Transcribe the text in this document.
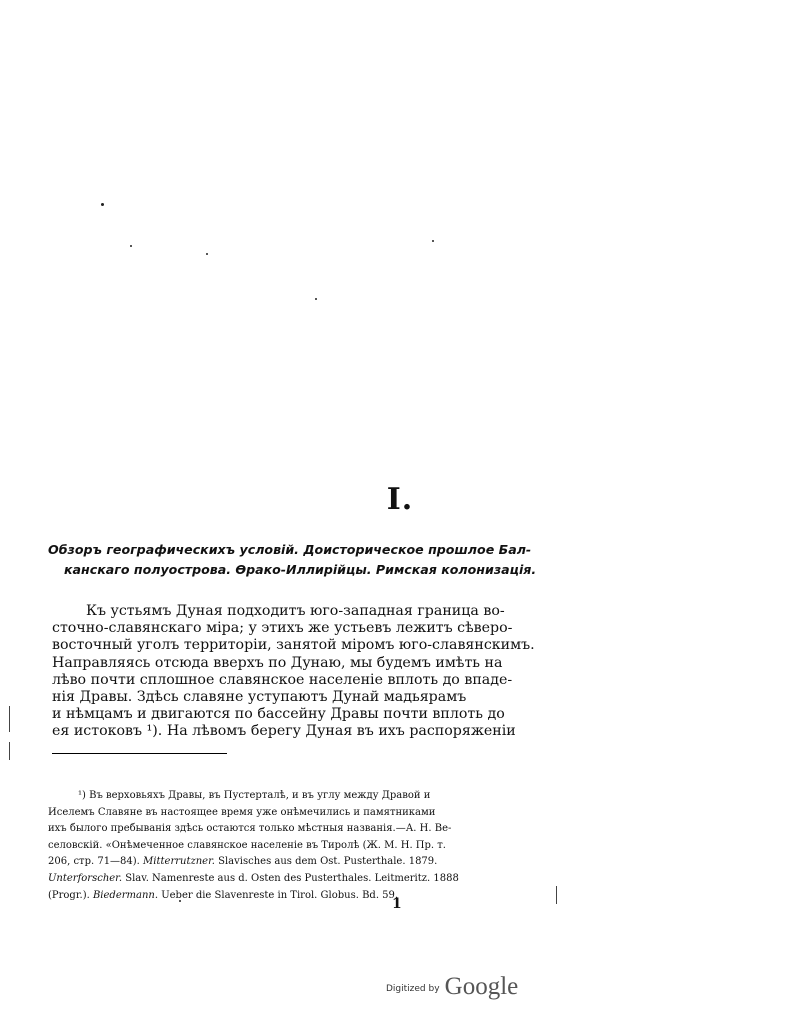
I.
Обзоръ географическихъ условій. Доисторическое прошлое Бал-
канскаго полуострова. Өрако-Иллирійцы. Римская колонизація.
Къ устьямъ Дуная подходитъ юго-западная граница во-
сточно-славянскаго міра; у этихъ же устьевъ лежитъ сѣверо-
восточный уголъ территоріи, занятой міромъ юго-славянскимъ.
Направляясь отсюда вверхъ по Дунаю, мы будемъ имѣть на
лѣво почти сплошное славянское населеніе вплоть до впаде-
нія Дравы. Здѣсь славяне уступаютъ Дунай мадьярамъ
и нѣмцамъ и двигаются по бассейну Дравы почти вплоть до
ея истоковъ ¹). На лѣвомъ берегу Дуная въ ихъ распоряженіи
¹) Въ верховьяхъ Дравы, въ Пустерталѣ, и въ углу между Дравой и
Иселемъ Славяне въ настоящее время уже онѣмечились и памятниками
ихъ былого пребыванія здѣсь остаются только мѣстныя названія.—А. Н. Ве-
селовскій. «Онѣмеченное славянское населеніе въ Тиролѣ (Ж. М. Н. Пр. т.
206, стр. 71—84). Mitterrutzner. Slavisches aus dem Ost. Pusterthale. 1879.
Unterforscher. Slav. Namenreste aus d. Osten des Pusterthales. Leitmeritz. 1888
(Progr.). Biedermann. Ueber die Slavenreste in Tirol. Globus. Bd. 59.
1
Digitized by Google
